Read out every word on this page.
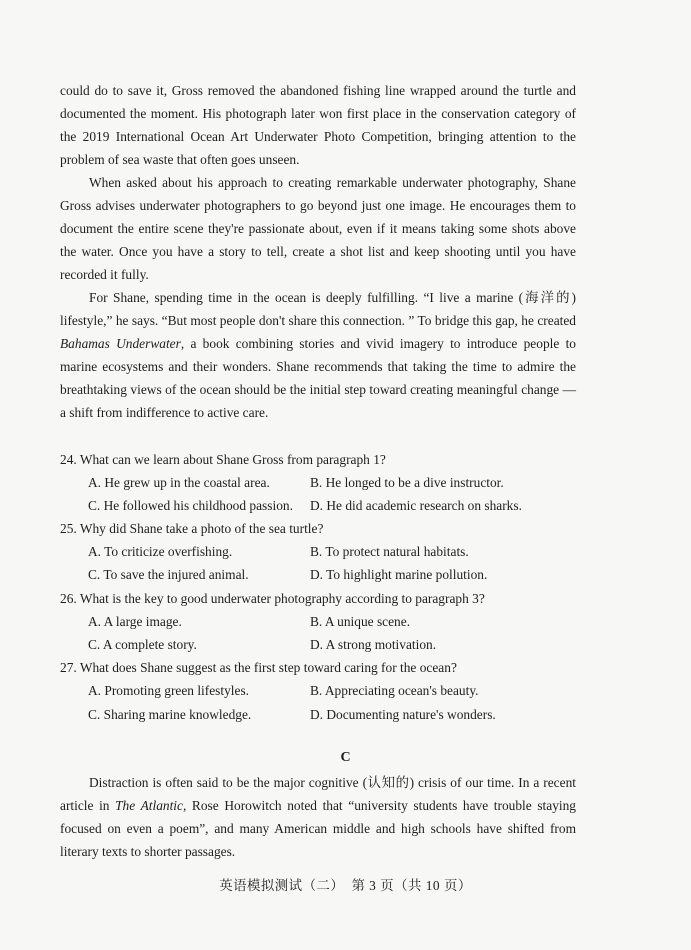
could do to save it, Gross removed the abandoned fishing line wrapped around the turtle and documented the moment. His photograph later won first place in the conservation category of the 2019 International Ocean Art Underwater Photo Competition, bringing attention to the problem of sea waste that often goes unseen.

When asked about his approach to creating remarkable underwater photography, Shane Gross advises underwater photographers to go beyond just one image. He encourages them to document the entire scene they're passionate about, even if it means taking some shots above the water. Once you have a story to tell, create a shot list and keep shooting until you have recorded it fully.

For Shane, spending time in the ocean is deeply fulfilling. “I live a marine (海洋的) lifestyle,” he says. “But most people don't share this connection. ” To bridge this gap, he created Bahamas Underwater, a book combining stories and vivid imagery to introduce people to marine ecosystems and their wonders. Shane recommends that taking the time to admire the breathtaking views of the ocean should be the initial step toward creating meaningful change — a shift from indifference to active care.

24. What can we learn about Shane Gross from paragraph 1?
A. He grew up in the coastal area.	B. He longed to be a dive instructor.
C. He followed his childhood passion. D. He did academic research on sharks.
25. Why did Shane take a photo of the sea turtle?
A. To criticize overfishing.	B. To protect natural habitats.
C. To save the injured animal.	D. To highlight marine pollution.
26. What is the key to good underwater photography according to paragraph 3?
A. A large image.	B. A unique scene.
C. A complete story.	D. A strong motivation.
27. What does Shane suggest as the first step toward caring for the ocean?
A. Promoting green lifestyles.	B. Appreciating ocean's beauty.
C. Sharing marine knowledge.	D. Documenting nature's wonders.
C

Distraction is often said to be the major cognitive (认知的) crisis of our time. In a recent article in The Atlantic, Rose Horowitch noted that “university students have trouble staying focused on even a poem”, and many American middle and high schools have shifted from literary texts to shorter passages.

英语模拟测试（二）　第 3 页（共 10 页）
